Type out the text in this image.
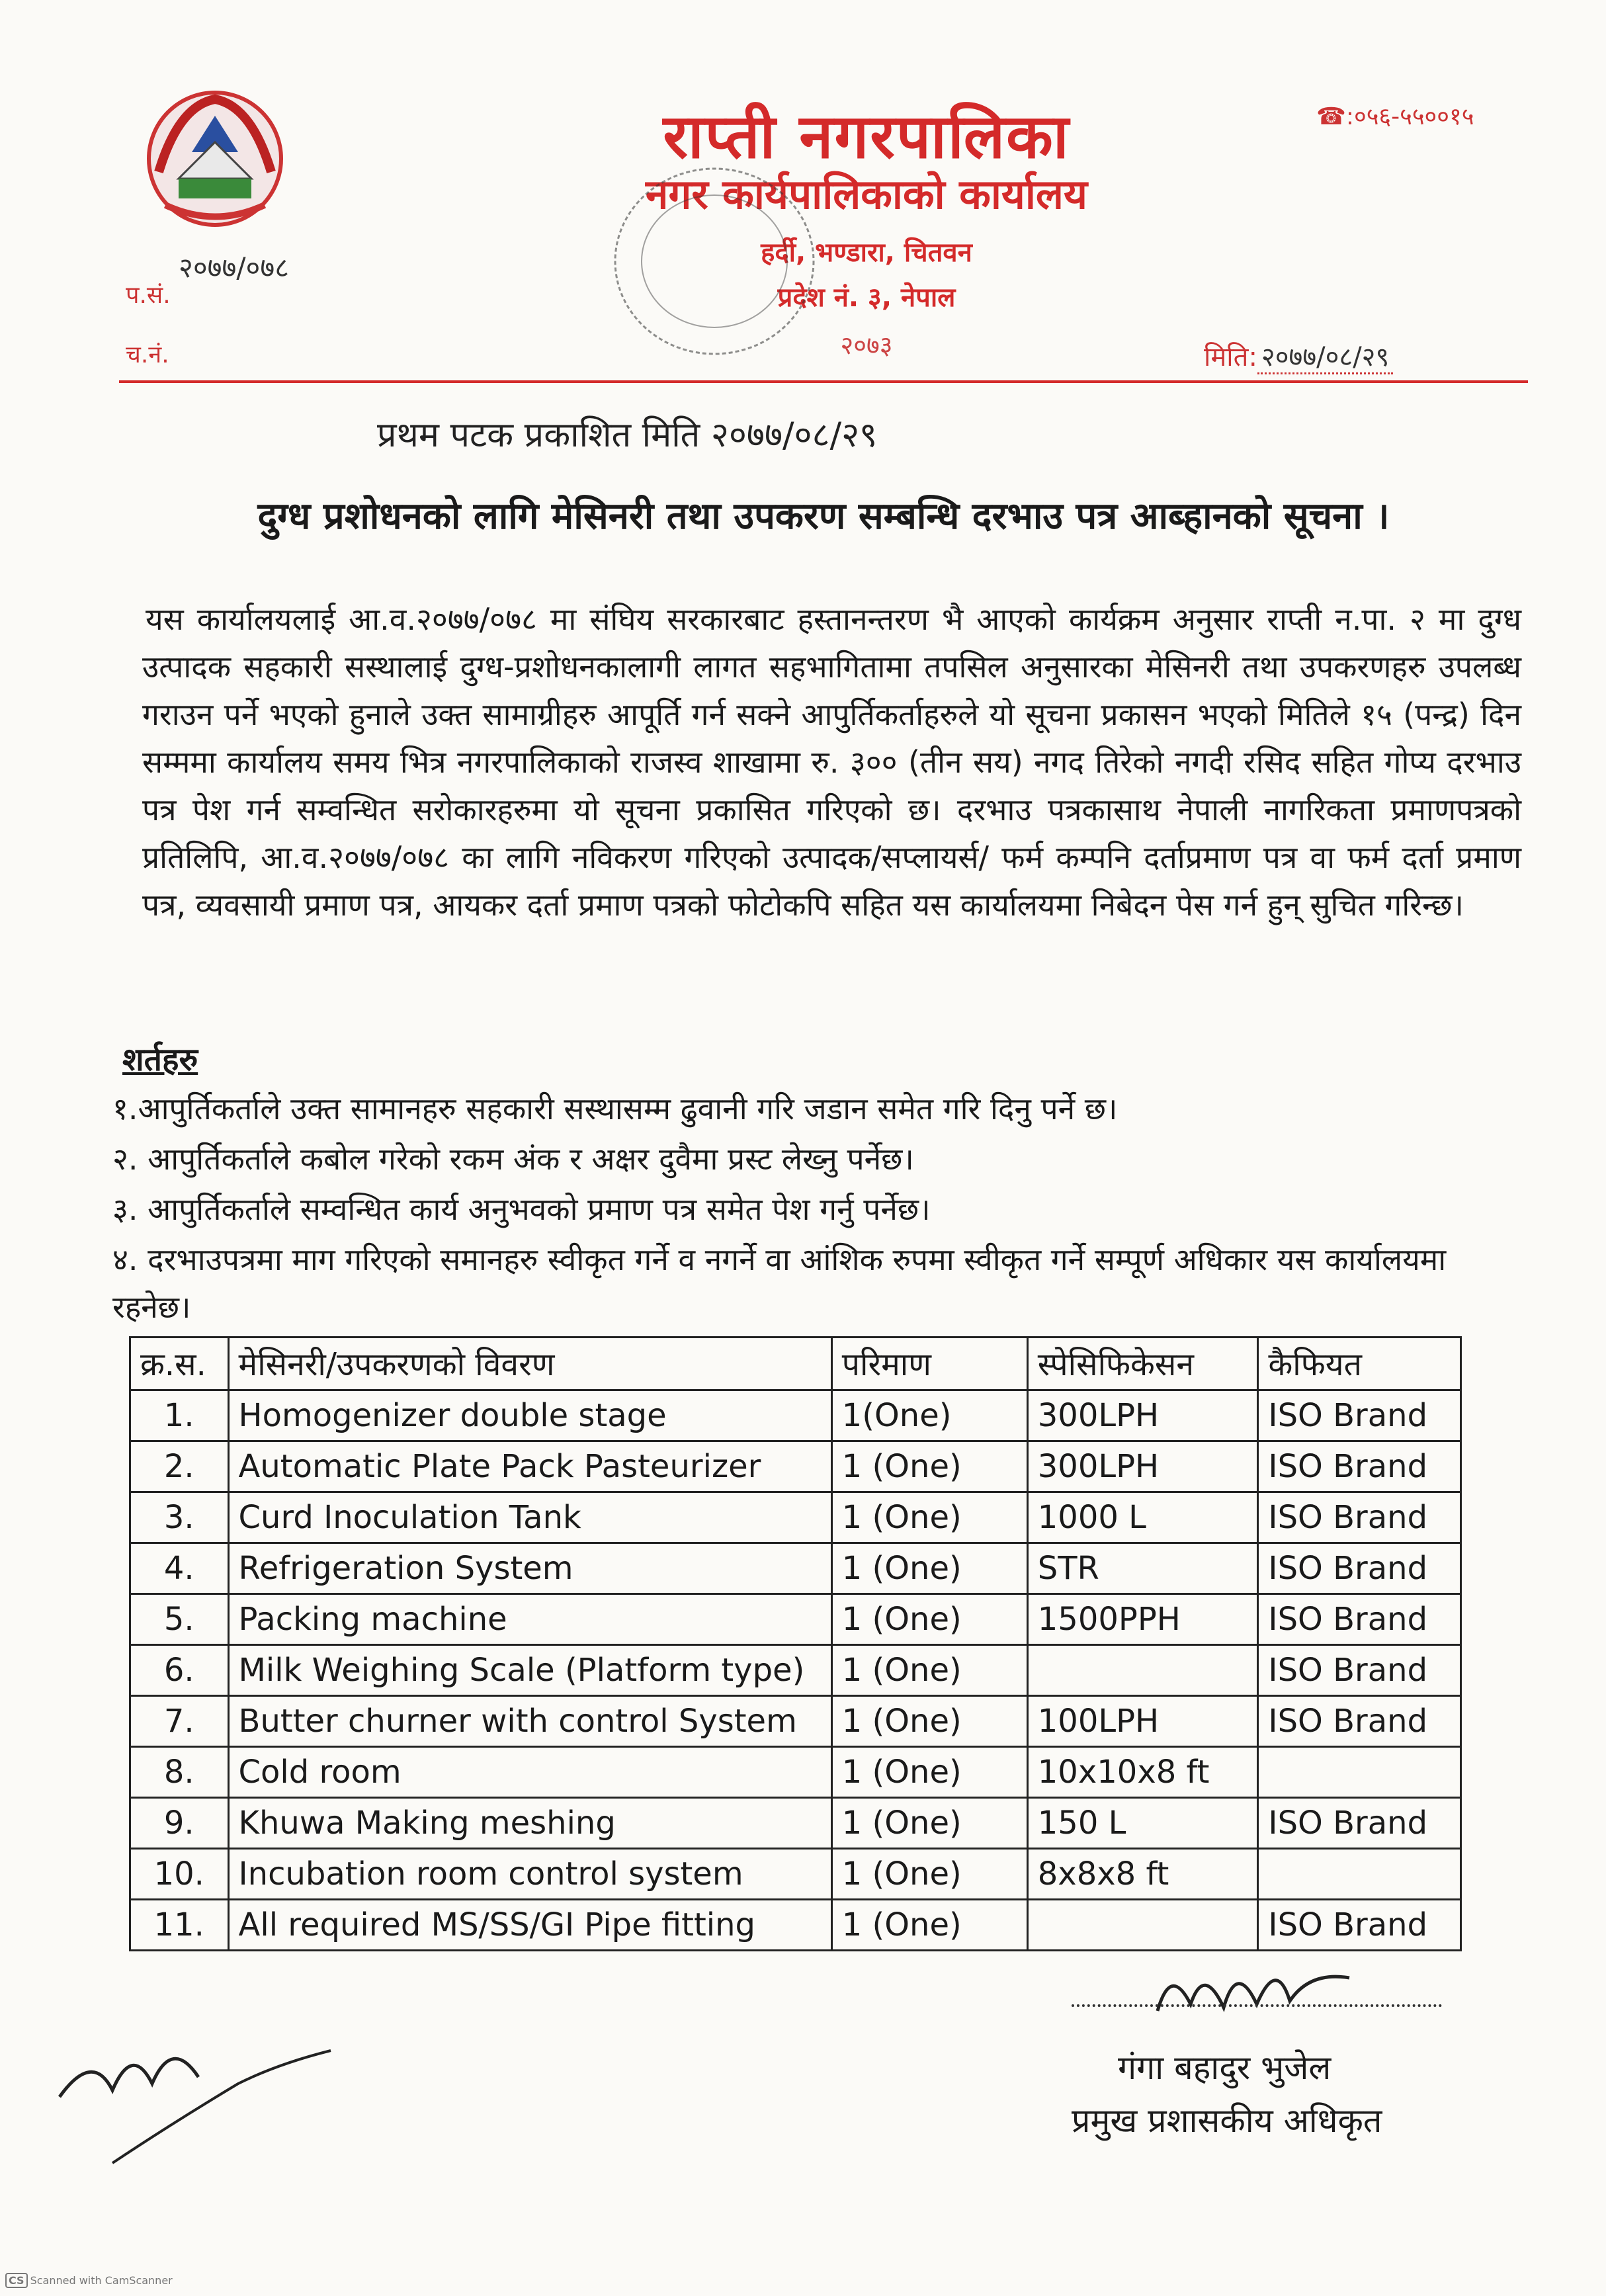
राप्ती नगरपालिका
नगर कार्यपालिकाको कार्यालय
हर्दी, भण्डारा, चितवन
प्रदेश नं. ३, नेपाल
२०७३
☎:०५६-५५००१५
२०७७/०७८
प.सं.
च.नं.	मिति: २०७७/०८/२९
प्रथम पटक प्रकाशित मिति २०७७/०८/२९
दुग्ध प्रशोधनको लागि मेसिनरी तथा उपकरण सम्बन्धि दरभाउ पत्र आब्हानको सूचना ।
यस कार्यालयलाई आ.व.२०७७/०७८ मा संघिय सरकारबाट हस्तानन्तरण भै आएको कार्यक्रम अनुसार राप्ती न.पा. २ मा दुग्ध उत्पादक सहकारी सस्थालाई दुग्ध-प्रशोधनकालागी लागत सहभागितामा तपसिल अनुसारका मेसिनरी तथा उपकरणहरु उपलब्ध गराउन पर्ने भएको हुनाले उक्त सामाग्रीहरु आपूर्ति गर्न सक्ने आपुर्तिकर्ताहरुले यो सूचना प्रकासन भएको मितिले १५ (पन्द्र) दिन सम्ममा कार्यालय समय भित्र नगरपालिकाको राजस्व शाखामा रु. ३०० (तीन सय) नगद तिरेको नगदी रसिद सहित गोप्य दरभाउ पत्र पेश गर्न सम्वन्धित सरोकारहरुमा यो सूचना प्रकासित गरिएको छ। दरभाउ पत्रकासाथ नेपाली नागरिकता प्रमाणपत्रको प्रतिलिपि, आ.व.२०७७/०७८ का लागि नविकरण गरिएको उत्पादक/सप्लायर्स/ फर्म कम्पनि दर्ताप्रमाण पत्र वा फर्म दर्ता प्रमाण पत्र, व्यवसायी प्रमाण पत्र, आयकर दर्ता प्रमाण पत्रको फोटोकपि सहित यस कार्यालयमा निबेदन पेस गर्न हुन् सुचित गरिन्छ।
शर्तहरु
१.आपुर्तिकर्ताले उक्त सामानहरु सहकारी सस्थासम्म ढुवानी गरि जडान समेत गरि दिनु पर्ने छ।
२. आपुर्तिकर्ताले कबोल गरेको रकम अंक र अक्षर दुवैमा प्रस्ट लेख्नु पर्नेछ।
३. आपुर्तिकर्ताले सम्वन्धित कार्य अनुभवको प्रमाण पत्र समेत पेश गर्नु पर्नेछ।
४. दरभाउपत्रमा माग गरिएको समानहरु स्वीकृत गर्ने व नगर्ने वा आंशिक रुपमा स्वीकृत गर्ने सम्पूर्ण अधिकार यस कार्यालयमा रहनेछ।
क्र.स.	मेसिनरी/उपकरणको विवरण	परिमाण	स्पेसिफिकेसन	कैफियत
1.	Homogenizer double stage	1(One)	300LPH	ISO Brand
2.	Automatic Plate Pack Pasteurizer	1 (One)	300LPH	ISO Brand
3.	Curd Inoculation Tank	1 (One)	1000 L	ISO Brand
4.	Refrigeration System	1 (One)	STR	ISO Brand
5.	Packing machine	1 (One)	1500PPH	ISO Brand
6.	Milk Weighing Scale (Platform type)	1 (One)		ISO Brand
7.	Butter churner with control System	1 (One)	100LPH	ISO Brand
8.	Cold room	1 (One)	10x10x8 ft	
9.	Khuwa Making meshing	1 (One)	150 L	ISO Brand
10.	Incubation room control system	1 (One)	8x8x8 ft	
11.	All required MS/SS/GI Pipe fitting	1 (One)		ISO Brand
गंगा बहादुर भुजेल
प्रमुख प्रशासकीय अधिकृत
CS Scanned with CamScanner
